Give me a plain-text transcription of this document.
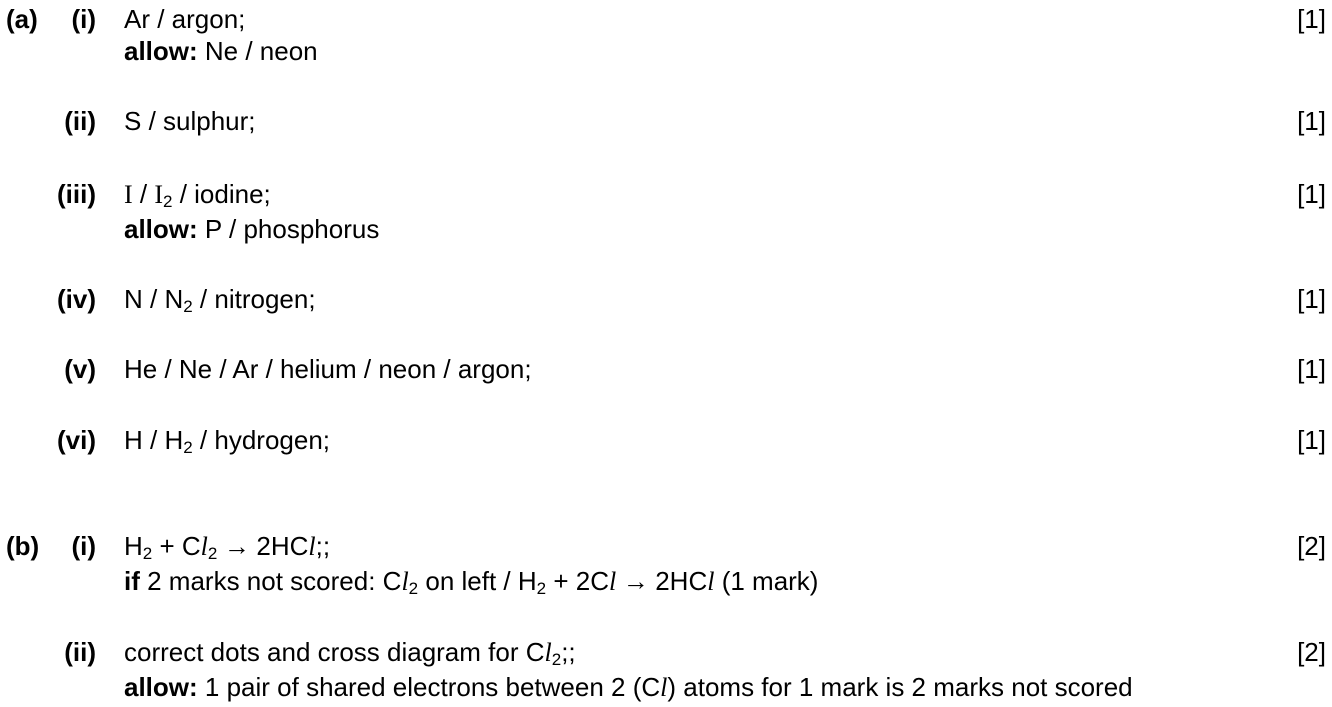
(a)	(i) Ar / argon;
allow: Ne / neon
[1]
(ii) S / sulphur;	[1]
(iii) I / $I_2$ / iodine;
allow: P / phosphorus
[1]
(iv) N / $N_2$ / nitrogen;	[1]
(v) He / Ne / Ar / helium / neon / argon;	[1]
(vi) H / $H_2$ / hydrogen;	[1]
(b)	(i) $H_2 + Cl_2 \to 2HCl$;;
if 2 marks not scored: $Cl_2$ on left / $H_2 + 2Cl \to 2HCl$ (1 mark)
[2]
(ii) correct dots and cross diagram for $Cl_2$;;
allow: 1 pair of shared electrons between 2 (Cl) atoms for 1 mark is 2 marks not scored
[2]
